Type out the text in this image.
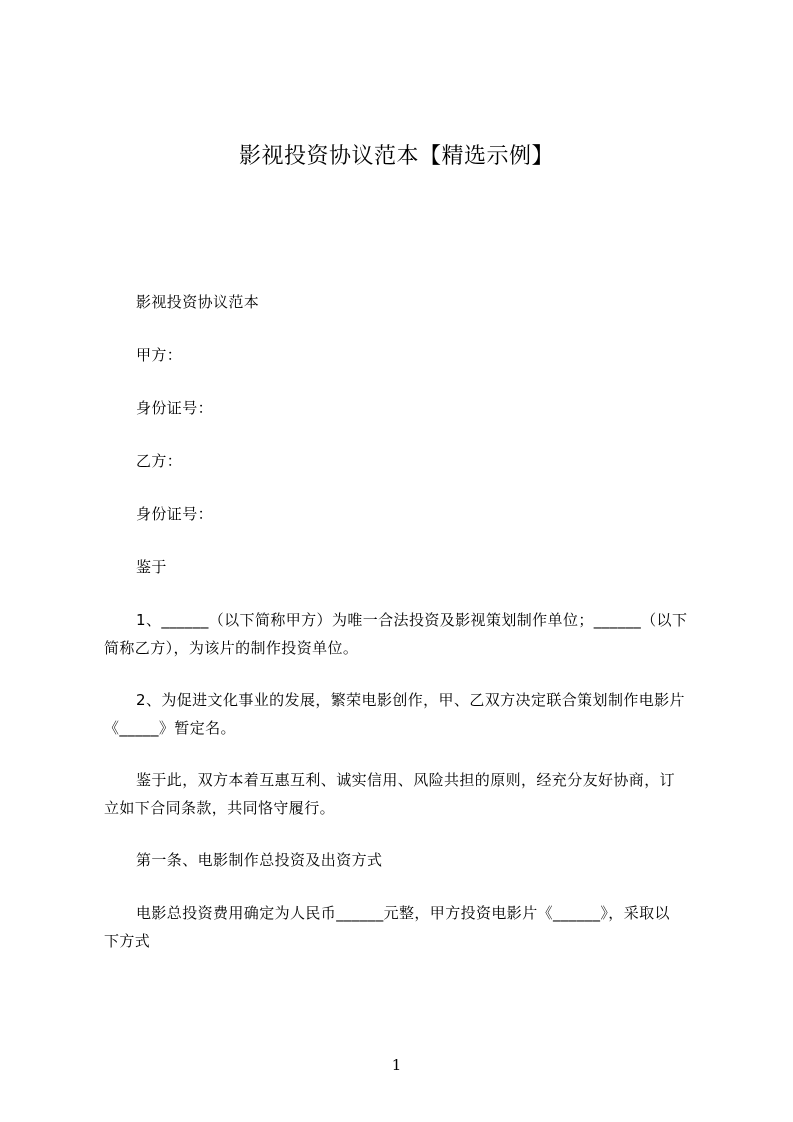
影视投资协议范本【精选示例】
影视投资协议范本
甲方：
身份证号：
乙方：
身份证号：
鉴于
1、______（以下简称甲方）为唯一合法投资及影视策划制作单位；______（以下
简称乙方），为该片的制作投资单位。
2、为促进文化事业的发展，繁荣电影创作，甲、乙双方决定联合策划制作电影片
《_____》暂定名。
鉴于此，双方本着互惠互利、诚实信用、风险共担的原则，经充分友好协商，订
立如下合同条款，共同恪守履行。
第一条、电影制作总投资及出资方式
电影总投资费用确定为人民币______元整，甲方投资电影片《______》，采取以
下方式
1
